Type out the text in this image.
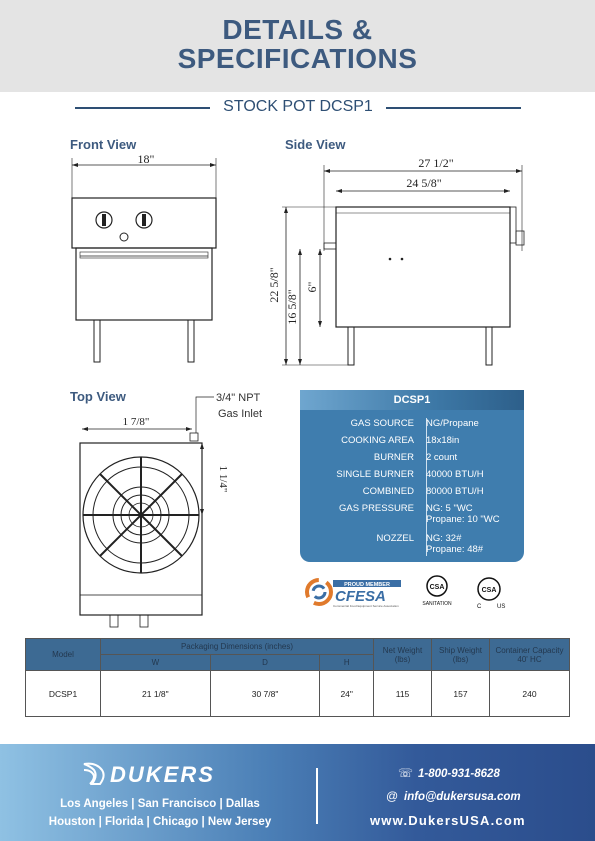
DETAILS &
SPECIFICATIONS
STOCK POT DCSP1
Front View
18"
Side View
27 1/2"
24 5/8"
22 5/8"
16 5/8"
6"
Top View	3/4" NPT
Gas Inlet
1 7/8"
1 1/4"
DCSP1
GAS SOURCE	NG/Propane
COOKING AREA	18x18in
BURNER	2 count
SINGLE BURNER	40000 BTU/H
COMBINED	80000 BTU/H
GAS PRESSURE	NG: 5 "WC
Propane: 10 "WC
NOZZEL	NG: 32#
Propane: 48#
PROUD MEMBER
CFESA
Commercial Food Equipment Service Association
CSA
SANITATION
CSA
C	US
Model	Packaging Dimensions (inches)			Net Weight (lbs)	Ship Weight (lbs)	Container Capacity 40' HC
	W	D	H			
DCSP1	21 1/8"	30 7/8"	24"	115	157	240
DUKERS
Los Angeles | San Francisco | Dallas
Houston | Florida | Chicago | New Jersey
☏ 1-800-931-8628
@ info@dukersusa.com
www.DukersUSA.com
